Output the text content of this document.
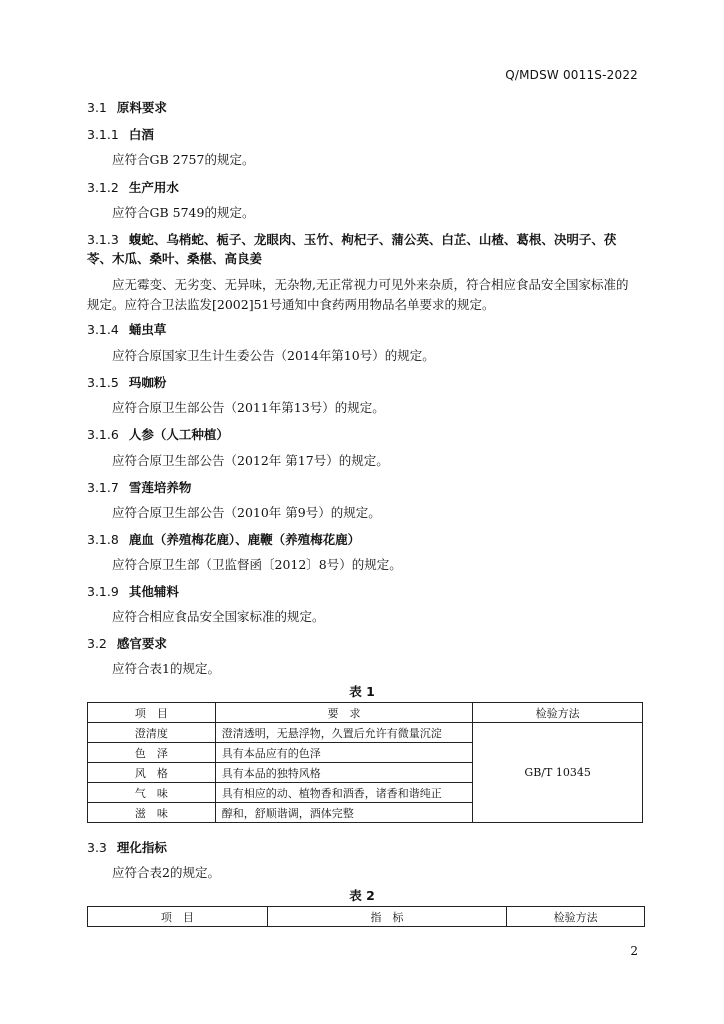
Q/MDSW 0011S-2022
3.1 原料要求
3.1.1 白酒
应符合GB 2757的规定。
3.1.2 生产用水
应符合GB 5749的规定。
3.1.3 蝮蛇、乌梢蛇、栀子、龙眼肉、玉竹、枸杞子、蒲公英、白芷、山楂、葛根、决明子、茯苓、木瓜、桑叶、桑椹、高良姜
应无霉变、无劣变、无异味，无杂物,无正常视力可见外来杂质，符合相应食品安全国家标准的规定。应符合卫法监发[2002]51号通知中食药两用物品名单要求的规定。
3.1.4 蛹虫草
应符合原国家卫生计生委公告（2014年第10号）的规定。
3.1.5 玛咖粉
应符合原卫生部公告（2011年第13号）的规定。
3.1.6 人参（人工种植）
应符合原卫生部公告（2012年 第17号）的规定。
3.1.7 雪莲培养物
应符合原卫生部公告（2010年 第9号）的规定。
3.1.8 鹿血（养殖梅花鹿）、鹿鞭（养殖梅花鹿）
应符合原卫生部（卫监督函〔2012〕8号）的规定。
3.1.9 其他辅料
应符合相应食品安全国家标准的规定。
3.2 感官要求
应符合表1的规定。
表 1
项　目	要　求	检验方法
澄清度	澄清透明，无悬浮物，久置后允许有微量沉淀	GB/T 10345
色　泽	具有本品应有的色泽	
风　格	具有本品的独特风格	
气　味	具有相应的动、植物香和酒香，诸香和谐纯正	
滋　味	醇和，舒顺谐调，酒体完整	
3.3 理化指标
应符合表2的规定。
表 2
项　目	指　标	检验方法
2
